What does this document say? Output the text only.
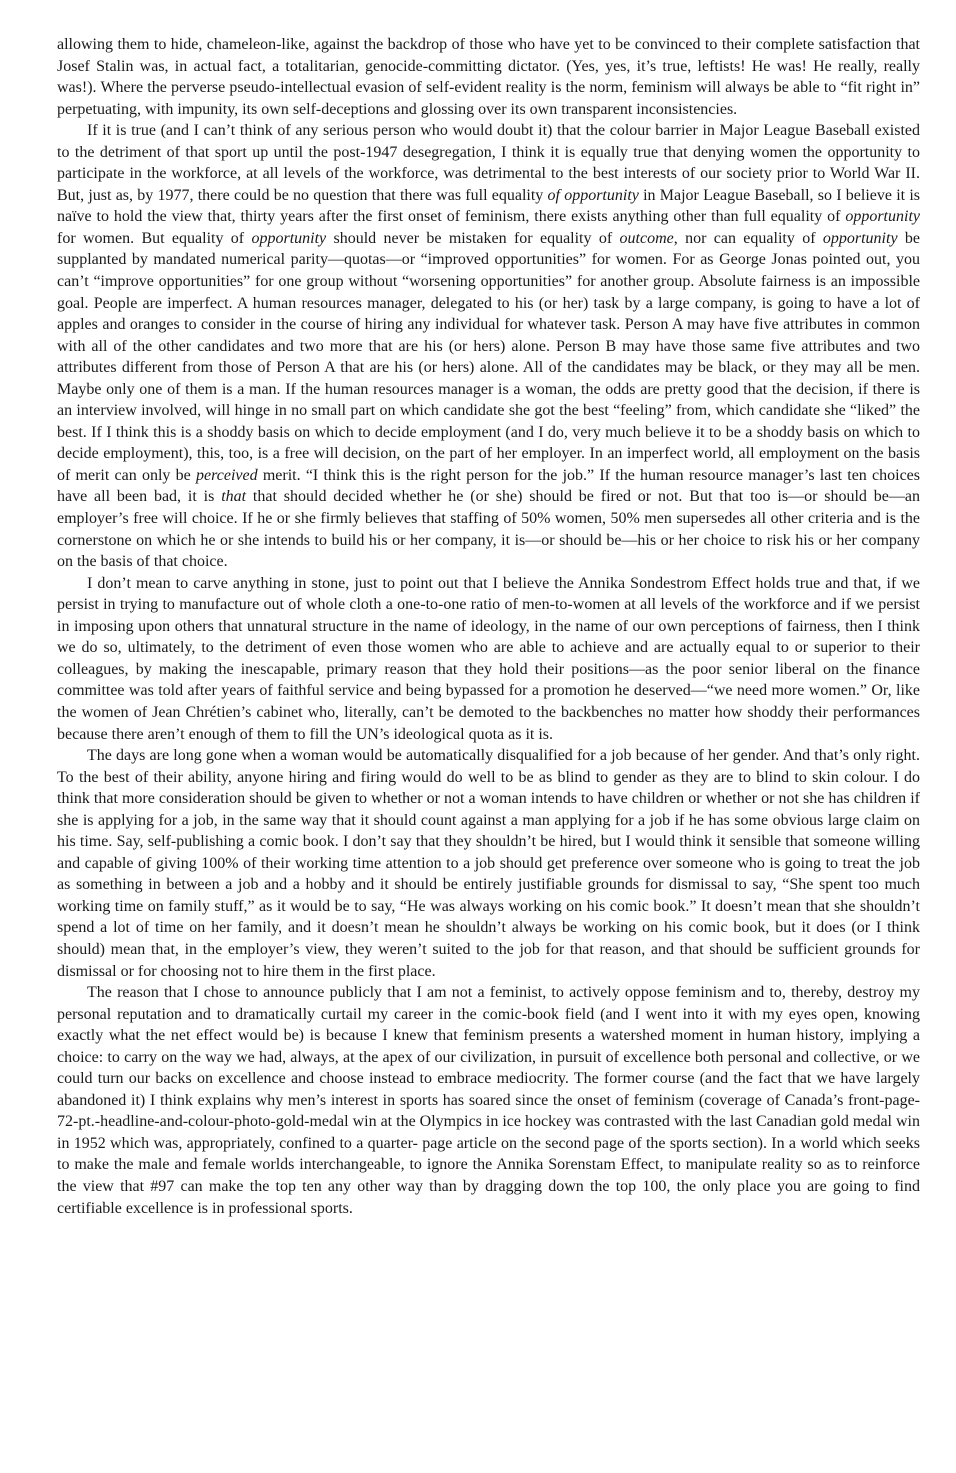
allowing them to hide, chameleon-like, against the backdrop of those who have yet to be convinced to their complete satisfaction that Josef Stalin was, in actual fact, a totalitarian, genocide-committing dictator. (Yes, yes, it’s true, leftists! He was! He really, really was!). Where the perverse pseudo-intellectual evasion of self-evident reality is the norm, feminism will always be able to “fit right in” perpetuating, with impunity, its own self-deceptions and glossing over its own transparent inconsistencies.

If it is true (and I can’t think of any serious person who would doubt it) that the colour barrier in Major League Baseball existed to the detriment of that sport up until the post-1947 desegregation, I think it is equally true that denying women the opportunity to participate in the workforce, at all levels of the workforce, was detrimental to the best interests of our society prior to World War II. But, just as, by 1977, there could be no question that there was full equality of opportunity in Major League Baseball, so I believe it is naïve to hold the view that, thirty years after the first onset of feminism, there exists anything other than full equality of opportunity for women. But equality of opportunity should never be mistaken for equality of outcome, nor can equality of opportunity be supplanted by mandated numerical parity—quotas—or “improved opportunities” for women. For as George Jonas pointed out, you can’t “improve opportunities” for one group without “worsening opportunities” for another group. Absolute fairness is an impossible goal. People are imperfect. A human resources manager, delegated to his (or her) task by a large company, is going to have a lot of apples and oranges to consider in the course of hiring any individual for whatever task. Person A may have five attributes in common with all of the other candidates and two more that are his (or hers) alone. Person B may have those same five attributes and two attributes different from those of Person A that are his (or hers) alone. All of the candidates may be black, or they may all be men. Maybe only one of them is a man. If the human resources manager is a woman, the odds are pretty good that the decision, if there is an interview involved, will hinge in no small part on which candidate she got the best “feeling” from, which candidate she “liked” the best. If I think this is a shoddy basis on which to decide employment (and I do, very much believe it to be a shoddy basis on which to decide employment), this, too, is a free will decision, on the part of her employer. In an imperfect world, all employment on the basis of merit can only be perceived merit. “I think this is the right person for the job.” If the human resource manager’s last ten choices have all been bad, it is that that should decided whether he (or she) should be fired or not. But that too is—or should be—an employer’s free will choice. If he or she firmly believes that staffing of 50% women, 50% men supersedes all other criteria and is the cornerstone on which he or she intends to build his or her company, it is—or should be—his or her choice to risk his or her company on the basis of that choice.

I don’t mean to carve anything in stone, just to point out that I believe the Annika Sondestrom Effect holds true and that, if we persist in trying to manufacture out of whole cloth a one-to-one ratio of men-to-women at all levels of the workforce and if we persist in imposing upon others that unnatural structure in the name of ideology, in the name of our own perceptions of fairness, then I think we do so, ultimately, to the detriment of even those women who are able to achieve and are actually equal to or superior to their colleagues, by making the inescapable, primary reason that they hold their positions—as the poor senior liberal on the finance committee was told after years of faithful service and being bypassed for a promotion he deserved—“we need more women.” Or, like the women of Jean Chrétien’s cabinet who, literally, can’t be demoted to the backbenches no matter how shoddy their performances because there aren’t enough of them to fill the UN’s ideological quota as it is.

The days are long gone when a woman would be automatically disqualified for a job because of her gender. And that’s only right. To the best of their ability, anyone hiring and firing would do well to be as blind to gender as they are to blind to skin colour. I do think that more consideration should be given to whether or not a woman intends to have children or whether or not she has children if she is applying for a job, in the same way that it should count against a man applying for a job if he has some obvious large claim on his time. Say, self-publishing a comic book. I don’t say that they shouldn’t be hired, but I would think it sensible that someone willing and capable of giving 100% of their working time attention to a job should get preference over someone who is going to treat the job as something in between a job and a hobby and it should be entirely justifiable grounds for dismissal to say, “She spent too much working time on family stuff,” as it would be to say, “He was always working on his comic book.” It doesn’t mean that she shouldn’t spend a lot of time on her family, and it doesn’t mean he shouldn’t always be working on his comic book, but it does (or I think should) mean that, in the employer’s view, they weren’t suited to the job for that reason, and that should be sufficient grounds for dismissal or for choosing not to hire them in the first place.

The reason that I chose to announce publicly that I am not a feminist, to actively oppose feminism and to, thereby, destroy my personal reputation and to dramatically curtail my career in the comic-book field (and I went into it with my eyes open, knowing exactly what the net effect would be) is because I knew that feminism presents a watershed moment in human history, implying a choice: to carry on the way we had, always, at the apex of our civilization, in pursuit of excellence both personal and collective, or we could turn our backs on excellence and choose instead to embrace mediocrity. The former course (and the fact that we have largely abandoned it) I think explains why men’s interest in sports has soared since the onset of feminism (coverage of Canada’s front-page-72-pt.-headline-and-colour-photo-gold-medal win at the Olympics in ice hockey was contrasted with the last Canadian gold medal win in 1952 which was, appropriately, confined to a quarter- page article on the second page of the sports section). In a world which seeks to make the male and female worlds interchangeable, to ignore the Annika Sorenstam Effect, to manipulate reality so as to reinforce the view that #97 can make the top ten any other way than by dragging down the top 100, the only place you are going to find certifiable excellence is in professional sports.
